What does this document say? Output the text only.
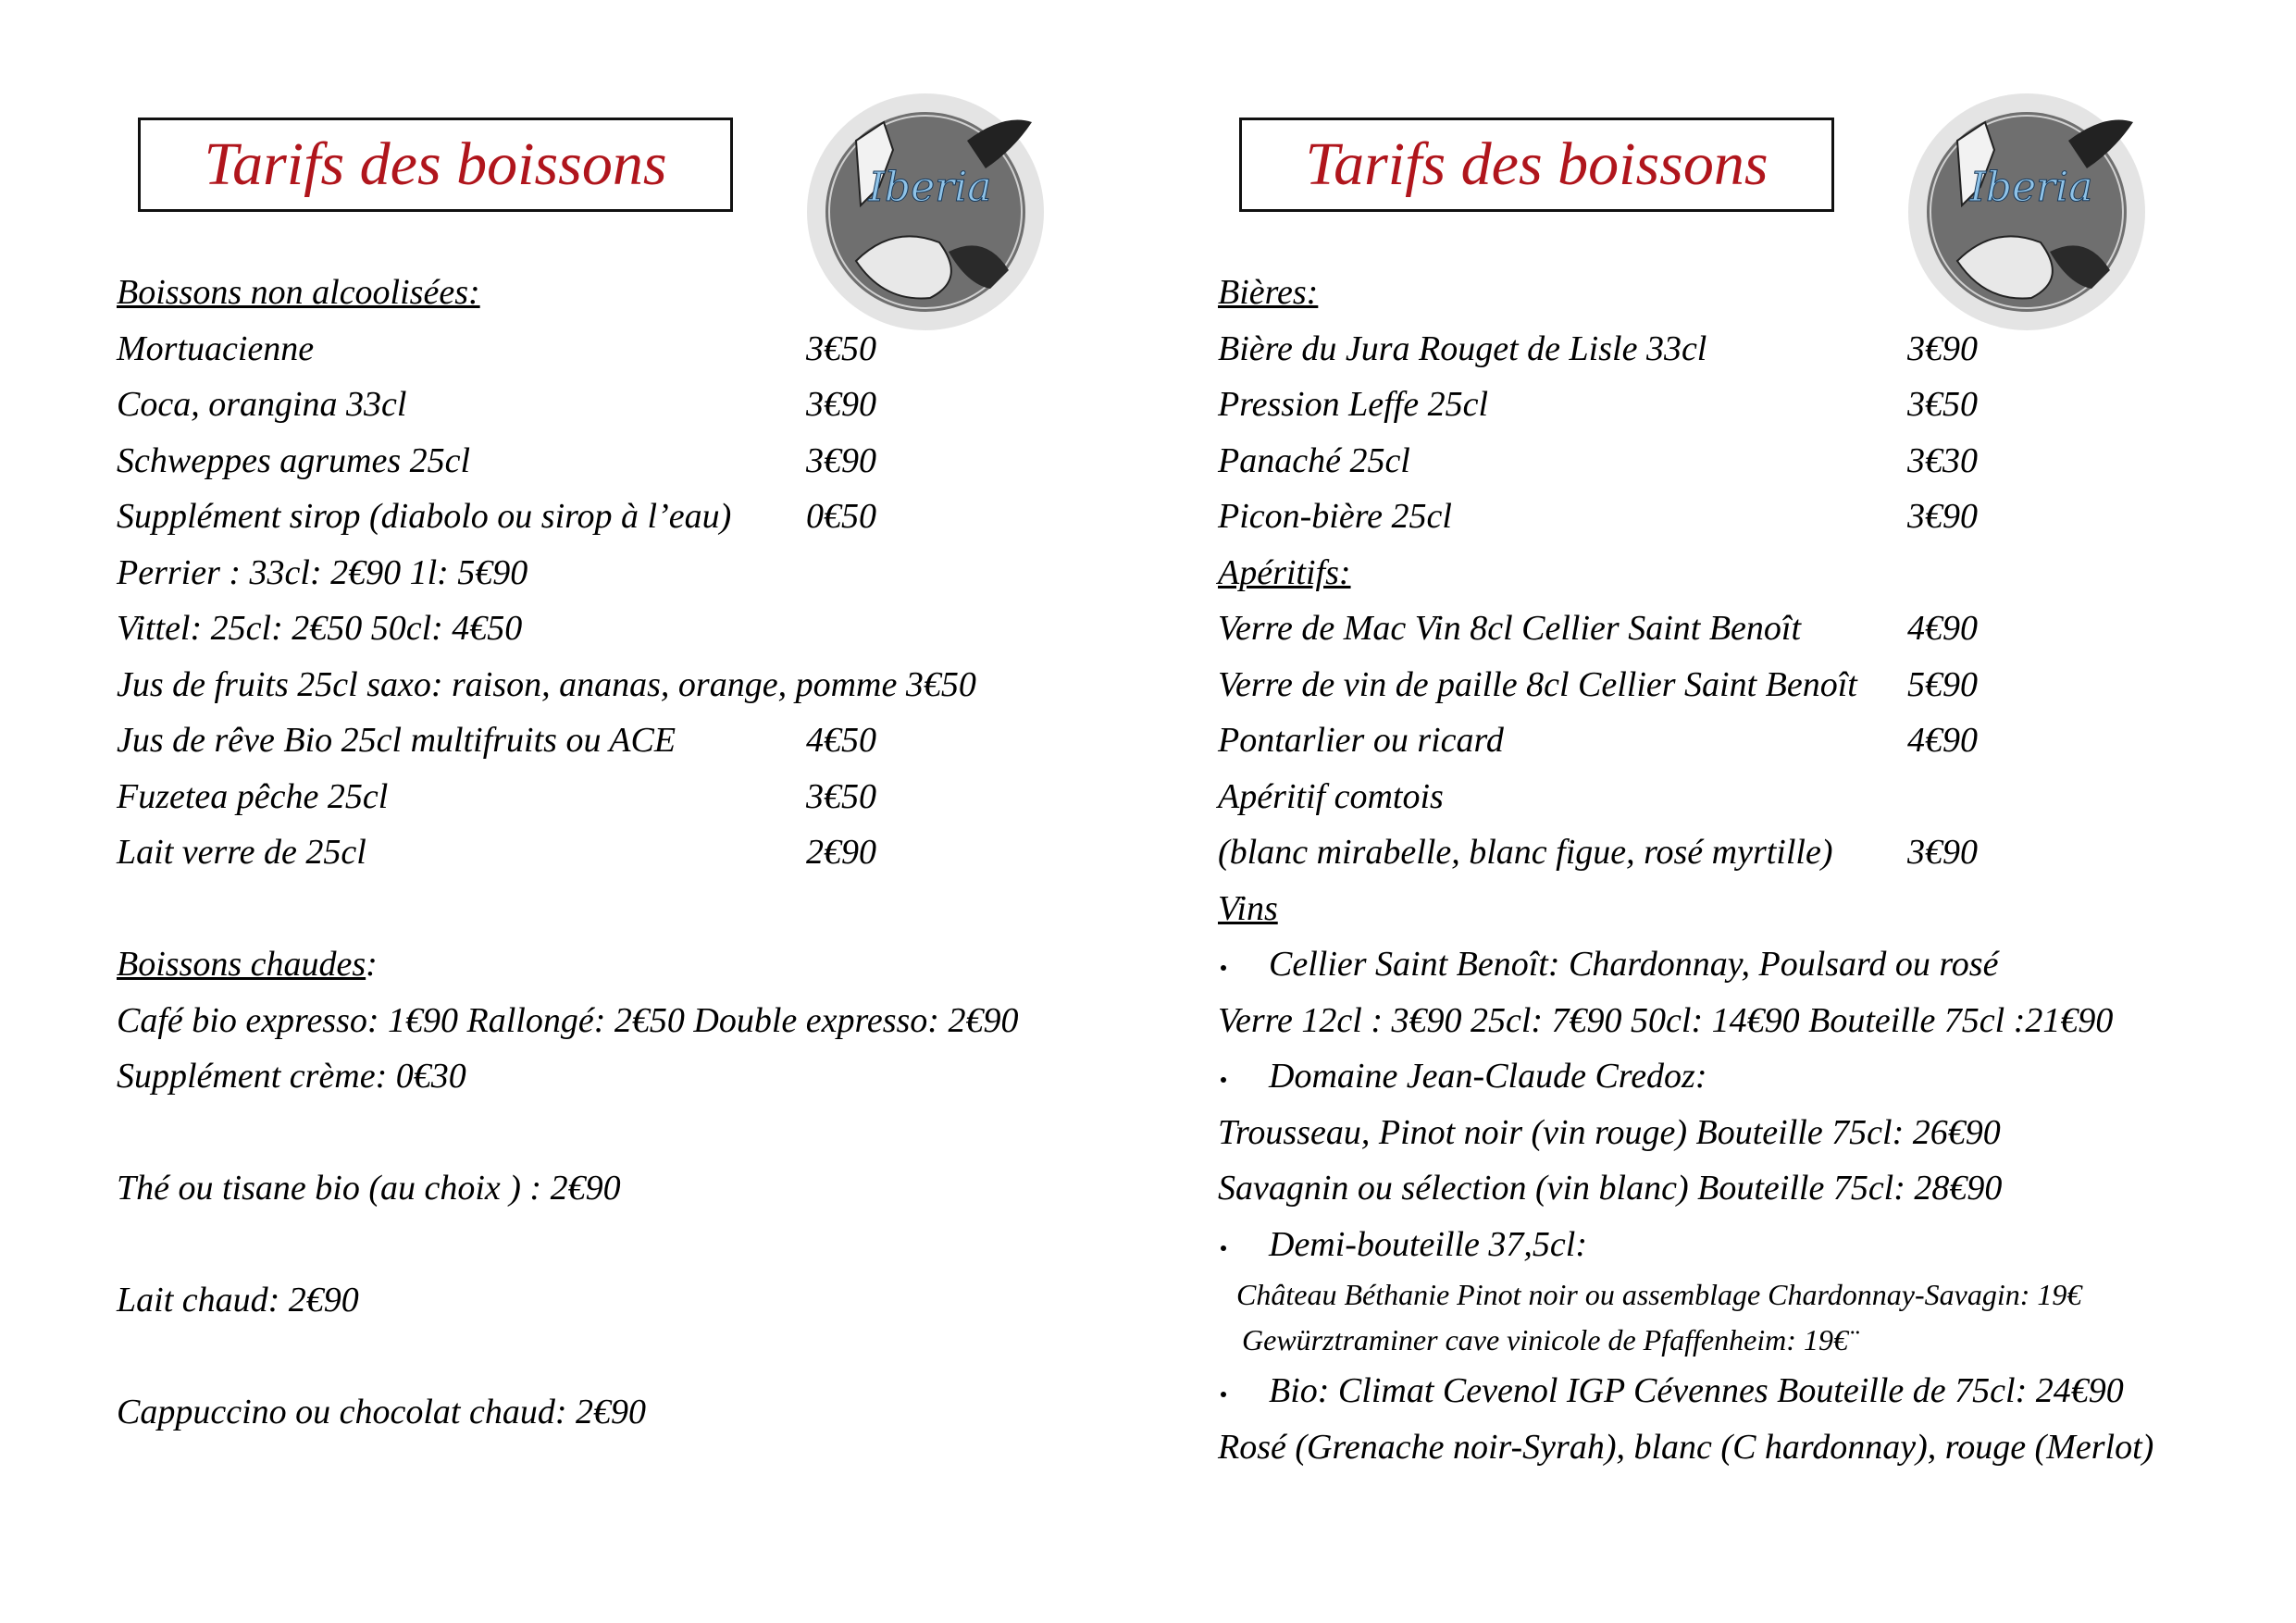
Tarifs des boissons	Iberia
Boissons non alcoolisées:
Mortuacienne	3€50
Coca, orangina 33cl	3€90
Schweppes agrumes 25cl	3€90
Supplément sirop (diabolo ou sirop à l’eau) 0€50
Perrier : 33cl: 2€90 1l: 5€90
Vittel: 25cl: 2€50 50cl: 4€50
Jus de fruits 25cl saxo: raison, ananas, orange, pomme 3€50
Jus de rêve Bio 25cl multifruits ou ACE	4€50
Fuzetea pêche 25cl	3€50
Lait verre de 25cl	2€90
Boissons chaudes:
Café bio expresso: 1€90 Rallongé: 2€50 Double expresso: 2€90
Supplément crème: 0€30
Thé ou tisane bio (au choix ) : 2€90
Lait chaud: 2€90
Cappuccino ou chocolat chaud: 2€90
Tarifs des boissons	Iberia
Bières:
Bière du Jura Rouget de Lisle 33cl	3€90
Pression Leffe 25cl	3€50
Panaché 25cl	3€30
Picon-bière 25cl	3€90
Apéritifs:
Verre de Mac Vin 8cl Cellier Saint Benoît	4€90
Verre de vin de paille 8cl Cellier Saint Benoît 5€90
Pontarlier ou ricard	4€90
Apéritif comtois
(blanc mirabelle, blanc figue, rosé myrtille) 3€90
Vins
Cellier Saint Benoît: Chardonnay, Poulsard ou rosé
Verre 12cl : 3€90 25cl: 7€90 50cl: 14€90 Bouteille 75cl :21€90
Domaine Jean-Claude Credoz:
Trousseau, Pinot noir (vin rouge) Bouteille 75cl: 26€90
Savagnin ou sélection (vin blanc) Bouteille 75cl: 28€90
Demi-bouteille 37,5cl:
Château Béthanie Pinot noir ou assemblage Chardonnay-Savagin: 19€
Gewürztraminer cave vinicole de Pfaffenheim: 19€¨
Bio: Climat Cevenol IGP Cévennes Bouteille de 75cl: 24€90
Rosé (Grenache noir-Syrah), blanc (C hardonnay), rouge (Merlot)
